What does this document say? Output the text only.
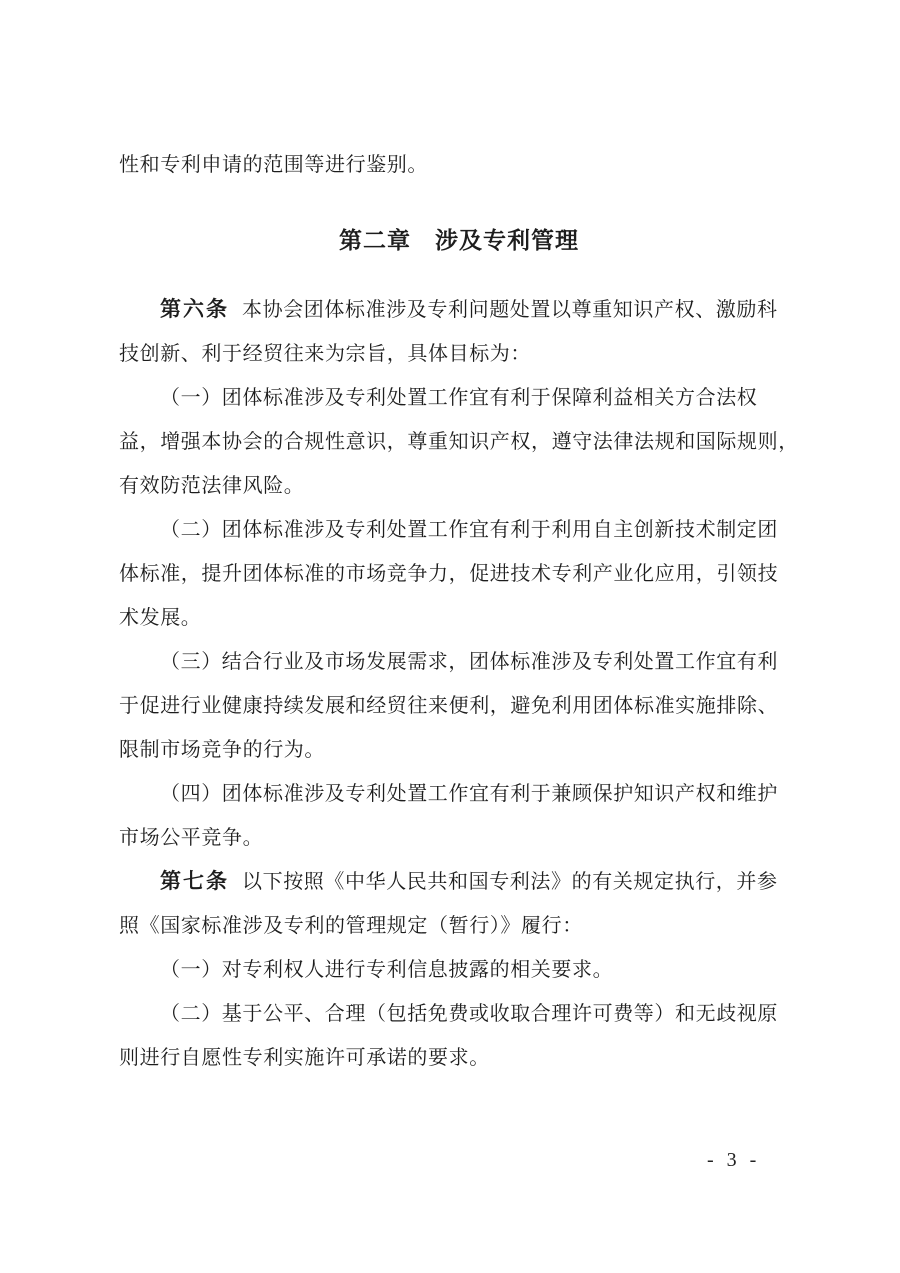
性和专利申请的范围等进行鉴别。
第二章　涉及专利管理
第六条 本协会团体标准涉及专利问题处置以尊重知识产权、激励科
技创新、利于经贸往来为宗旨，具体目标为：
（一）团体标准涉及专利处置工作宜有利于保障利益相关方合法权
益，增强本协会的合规性意识，尊重知识产权，遵守法律法规和国际规则，
有效防范法律风险。
（二）团体标准涉及专利处置工作宜有利于利用自主创新技术制定团
体标准，提升团体标准的市场竞争力，促进技术专利产业化应用，引领技
术发展。
（三）结合行业及市场发展需求，团体标准涉及专利处置工作宜有利
于促进行业健康持续发展和经贸往来便利，避免利用团体标准实施排除、
限制市场竞争的行为。
（四）团体标准涉及专利处置工作宜有利于兼顾保护知识产权和维护
市场公平竞争。
第七条 以下按照《中华人民共和国专利法》的有关规定执行，并参
照《国家标准涉及专利的管理规定（暂行）》履行：
（一）对专利权人进行专利信息披露的相关要求。
（二）基于公平、合理（包括免费或收取合理许可费等）和无歧视原
则进行自愿性专利实施许可承诺的要求。
- 3 -
